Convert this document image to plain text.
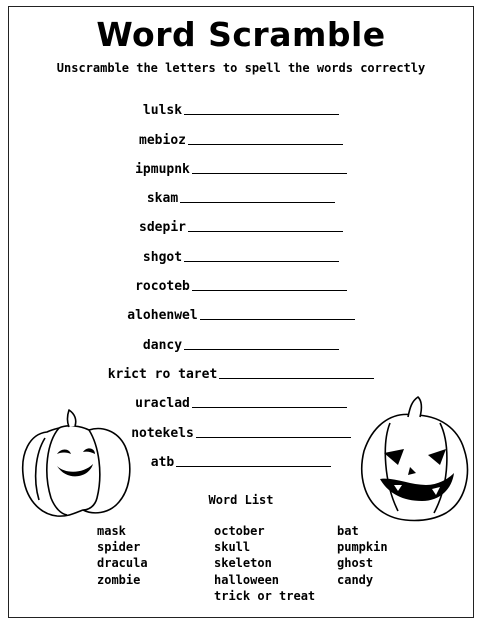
Word Scramble
Unscramble the letters to spell the words correctly
lulsk
mebioz
ipmupnk
skam
sdepir
shgot
rocoteb
alohenwel
dancy
krict ro taret
uraclad
notekels
atb
Word List
mask
spider
dracula
zombie
october
skull
skeleton
halloween
trick or treat
bat
pumpkin
ghost
candy
